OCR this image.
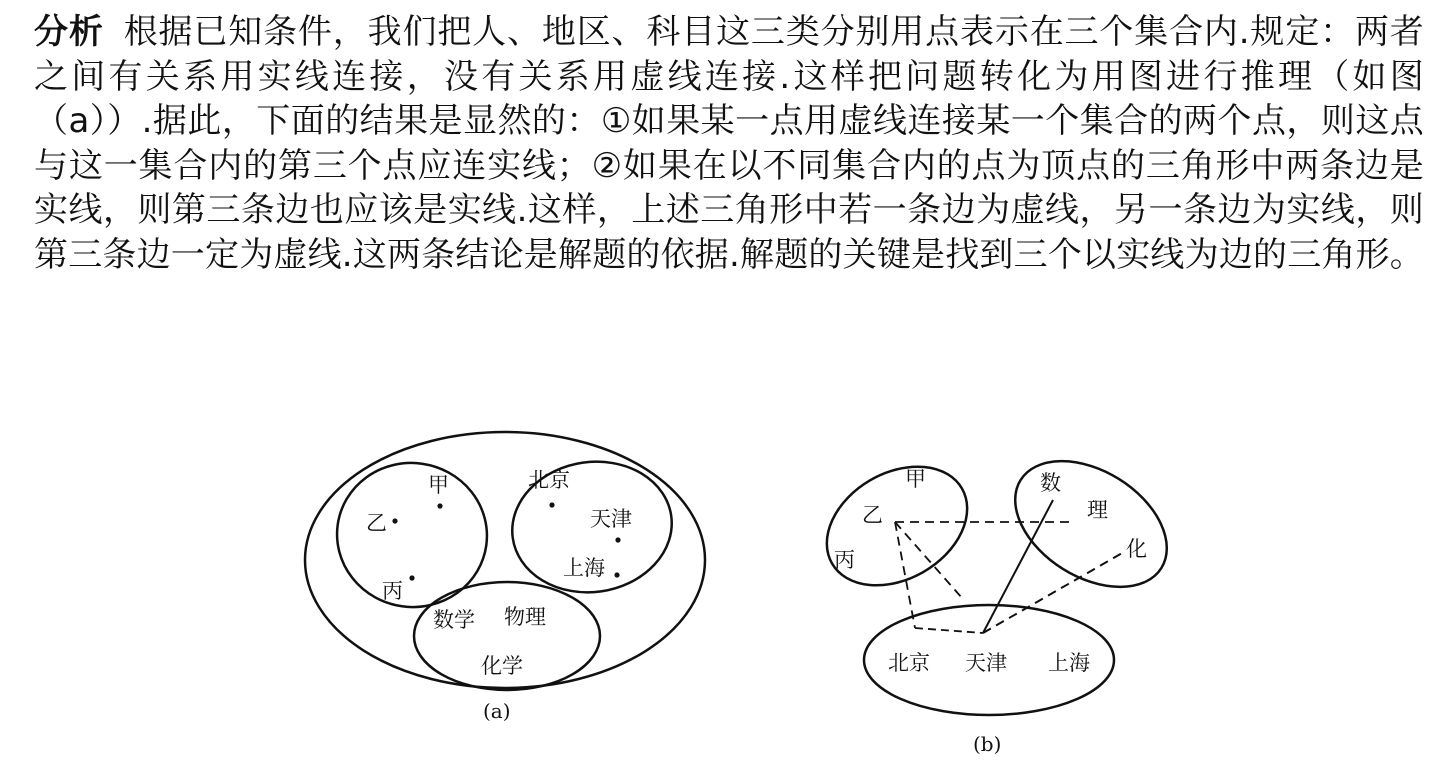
分析 根据已知条件，我们把人、地区、科目这三类分别用点表示在三个集合内.规定：两者之间有关系用实线连接，没有关系用虚线连接.这样把问题转化为用图进行推理（如图（a））.据此，下面的结果是显然的：①如果某一点用虚线连接某一个集合的两个点，则这点与这一集合内的第三个点应连实线；②如果在以不同集合内的点为顶点的三角形中两条边是实线，则第三条边也应该是实线.这样，上述三角形中若一条边为虚线，另一条边为实线，则第三条边一定为虚线.这两条结论是解题的依据.解题的关键是找到三个以实线为边的三角形。
甲
乙
丙
北京
天津
上海
数学 物理
化学
(a)
甲
乙
丙
数
理
化
北京 天津 上海
(b)
